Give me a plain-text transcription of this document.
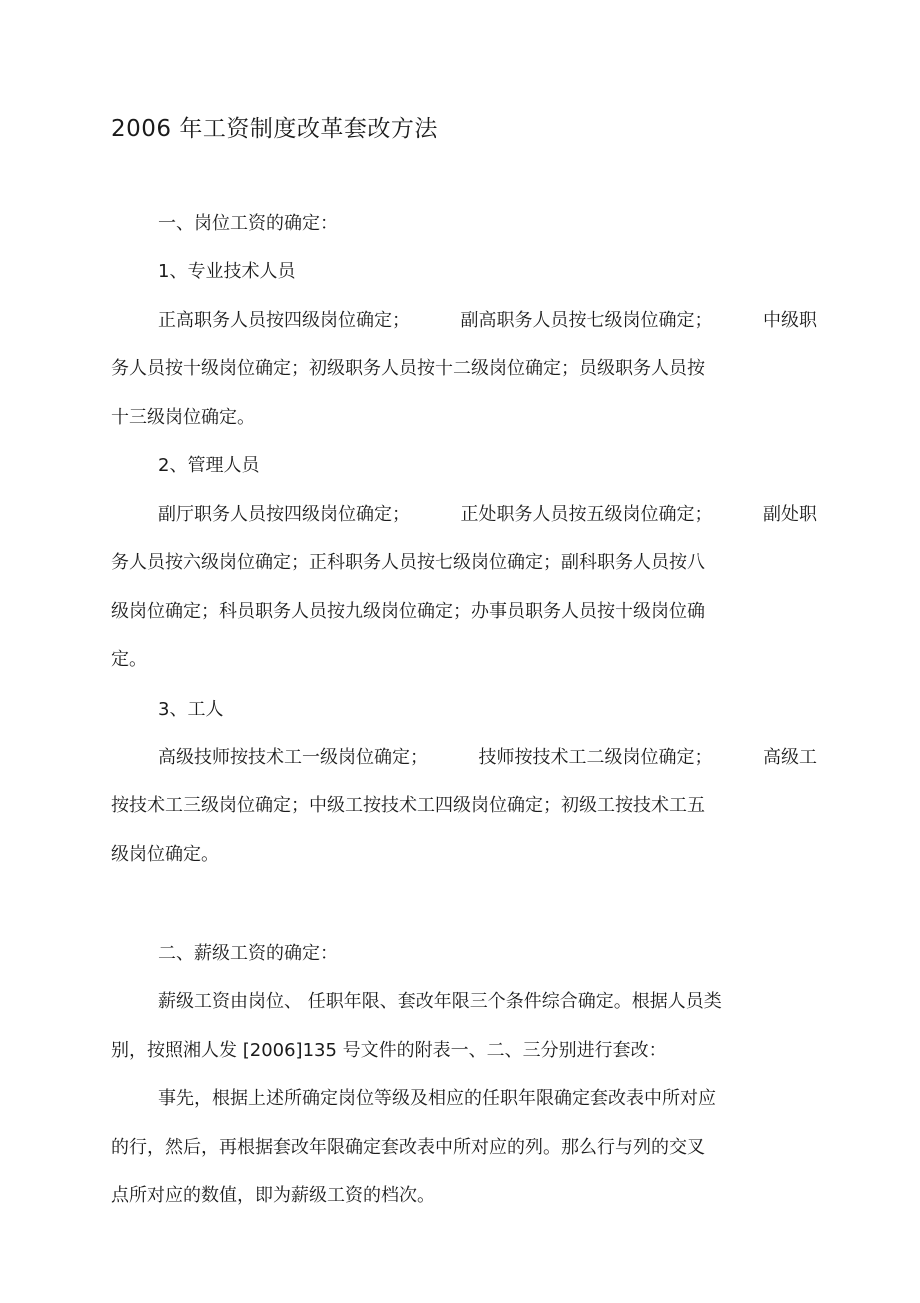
2006 年工资制度改革套改方法
一、岗位工资的确定：
1、专业技术人员
正高职务人员按四级岗位确定；	副高职务人员按七级岗位确定；	中级职
务人员按十级岗位确定；初级职务人员按十二级岗位确定；员级职务人员按
十三级岗位确定。
2、管理人员
副厅职务人员按四级岗位确定；	正处职务人员按五级岗位确定；	副处职
务人员按六级岗位确定；正科职务人员按七级岗位确定；副科职务人员按八
级岗位确定；科员职务人员按九级岗位确定；办事员职务人员按十级岗位确
定。
3、工人
高级技师按技术工一级岗位确定；	技师按技术工二级岗位确定；	高级工
按技术工三级岗位确定；中级工按技术工四级岗位确定；初级工按技术工五
级岗位确定。
二、薪级工资的确定：
薪级工资由岗位、 任职年限、套改年限三个条件综合确定。根据人员类
别，按照湘人发 [2006]135 号文件的附表一、二、三分别进行套改：
事先，根据上述所确定岗位等级及相应的任职年限确定套改表中所对应
的行，然后，再根据套改年限确定套改表中所对应的列。那么行与列的交叉
点所对应的数值，即为薪级工资的档次。
